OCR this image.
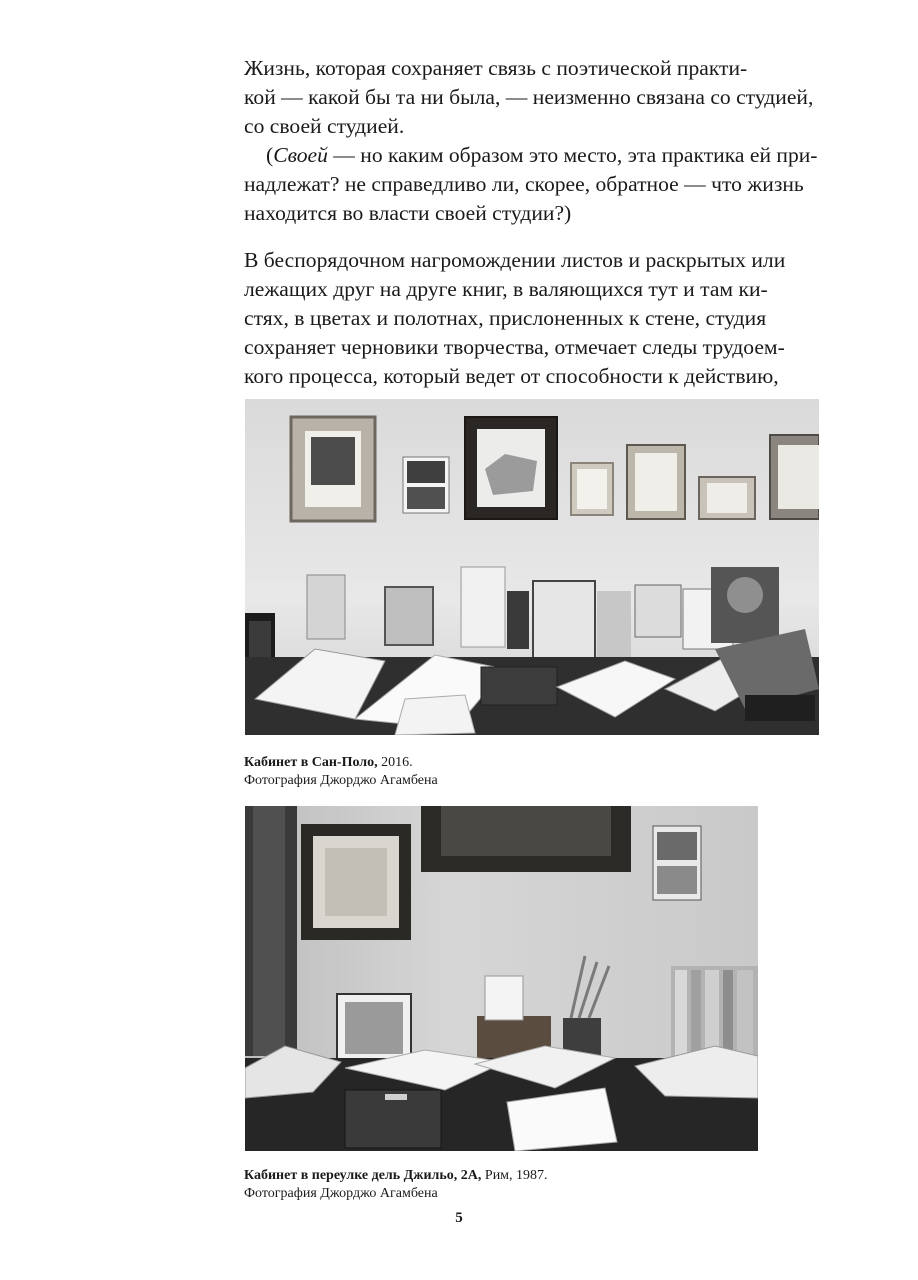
Жизнь, которая сохраняет связь с поэтической практи-

кой — какой бы та ни была, — неизменно связана со студией,

со своей студией.

(Своей — но каким образом это место, эта практика ей при-

надлежат? не справедливо ли, скорее, обратное — что жизнь

находится во власти своей студии?)

В беспорядочном нагромождении листов и раскрытых или

лежащих друг на друге книг, в валяющихся тут и там ки-

стях, в цветах и полотнах, прислоненных к стене, студия

сохраняет черновики творчества, отмечает следы трудоем-

кого процесса, который ведет от способности к действию,

Кабинет в Сан-Поло, 2016.
Фотография Джорджо Агамбена
Кабинет в переулке дель Джильо, 2А, Рим, 1987.
Фотография Джорджо Агамбена
5
